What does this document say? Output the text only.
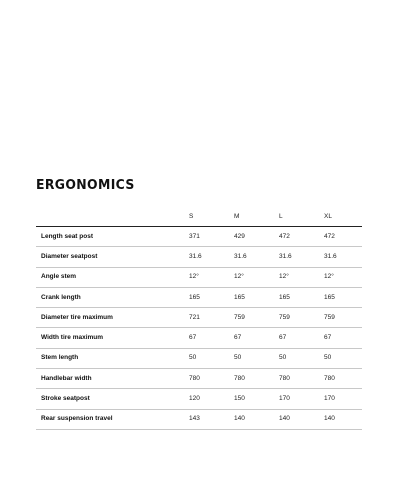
ERGONOMICS
	S	M	L	XL
Length seat post	371	429	472	472
Diameter seatpost	31.6	31.6	31.6	31.6
Angle stem	12°	12°	12°	12°
Crank length	165	165	165	165
Diameter tire maximum	721	759	759	759
Width tire maximum	67	67	67	67
Stem length	50	50	50	50
Handlebar width	780	780	780	780
Stroke seatpost	120	150	170	170
Rear suspension travel	143	140	140	140
